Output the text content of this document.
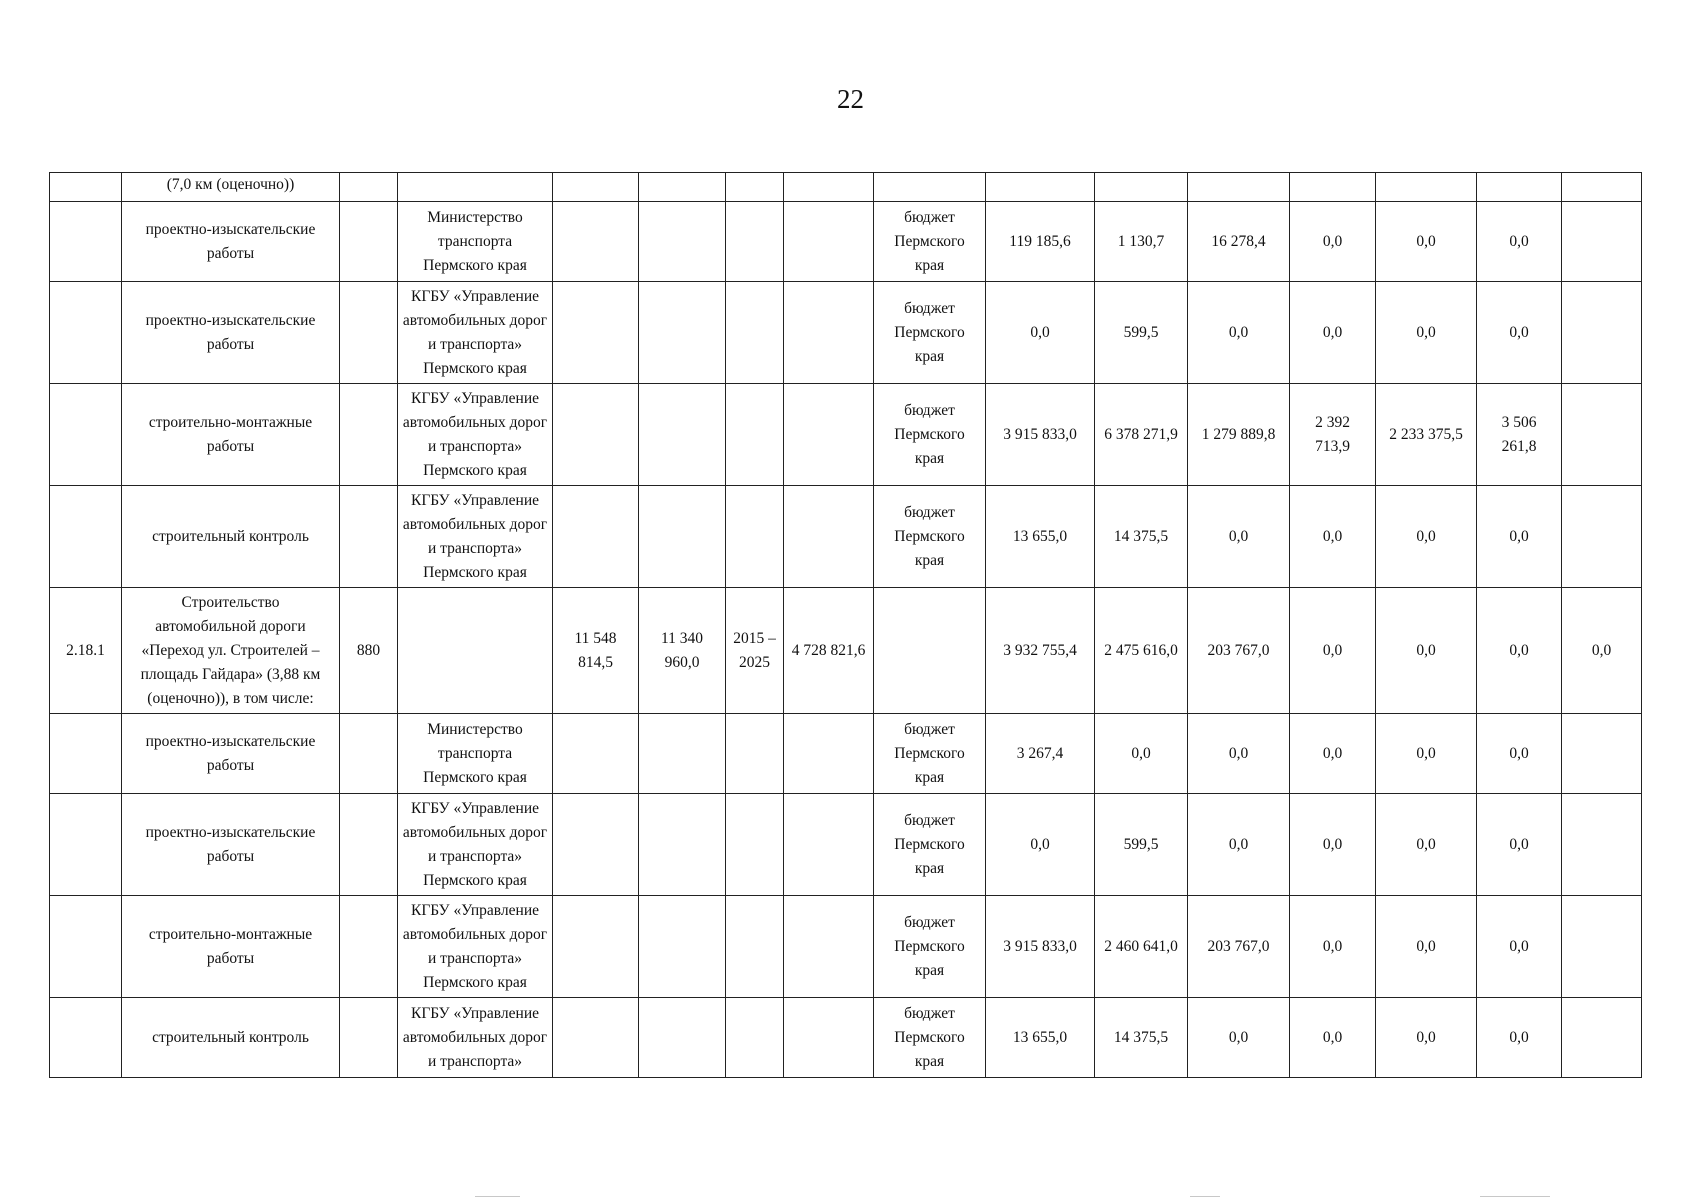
22
	(7,0 км (оценочно))														
	проектно-изыскательские
работы		Министерство
транспорта
Пермского края					бюджет
Пермского
края	119 185,6	1 130,7	16 278,4	0,0	0,0	0,0	
	проектно-изыскательские
работы		КГБУ «Управление
автомобильных дорог
и транспорта»
Пермского края					бюджет
Пермского
края	0,0	599,5	0,0	0,0	0,0	0,0	
	строительно-монтажные
работы		КГБУ «Управление
автомобильных дорог
и транспорта»
Пермского края					бюджет
Пермского
края	3 915 833,0	6 378 271,9	1 279 889,8	2 392
713,9	2 233 375,5	3 506
261,8	
	строительный контроль		КГБУ «Управление
автомобильных дорог
и транспорта»
Пермского края					бюджет
Пермского
края	13 655,0	14 375,5	0,0	0,0	0,0	0,0	
2.18.1	Строительство
автомобильной дороги
«Переход ул. Строителей –
площадь Гайдара» (3,88 км
(оценочно)), в том числе:	880		11 548
814,5	11 340
960,0	2015 –
2025	4 728 821,6		3 932 755,4	2 475 616,0	203 767,0	0,0	0,0	0,0	0,0
	проектно-изыскательские
работы		Министерство
транспорта
Пермского края					бюджет
Пермского
края	3 267,4	0,0	0,0	0,0	0,0	0,0	
	проектно-изыскательские
работы		КГБУ «Управление
автомобильных дорог
и транспорта»
Пермского края					бюджет
Пермского
края	0,0	599,5	0,0	0,0	0,0	0,0	
	строительно-монтажные
работы		КГБУ «Управление
автомобильных дорог
и транспорта»
Пермского края					бюджет
Пермского
края	3 915 833,0	2 460 641,0	203 767,0	0,0	0,0	0,0	
	строительный контроль		КГБУ «Управление
автомобильных дорог
и транспорта»					бюджет
Пермского
края	13 655,0	14 375,5	0,0	0,0	0,0	0,0	
